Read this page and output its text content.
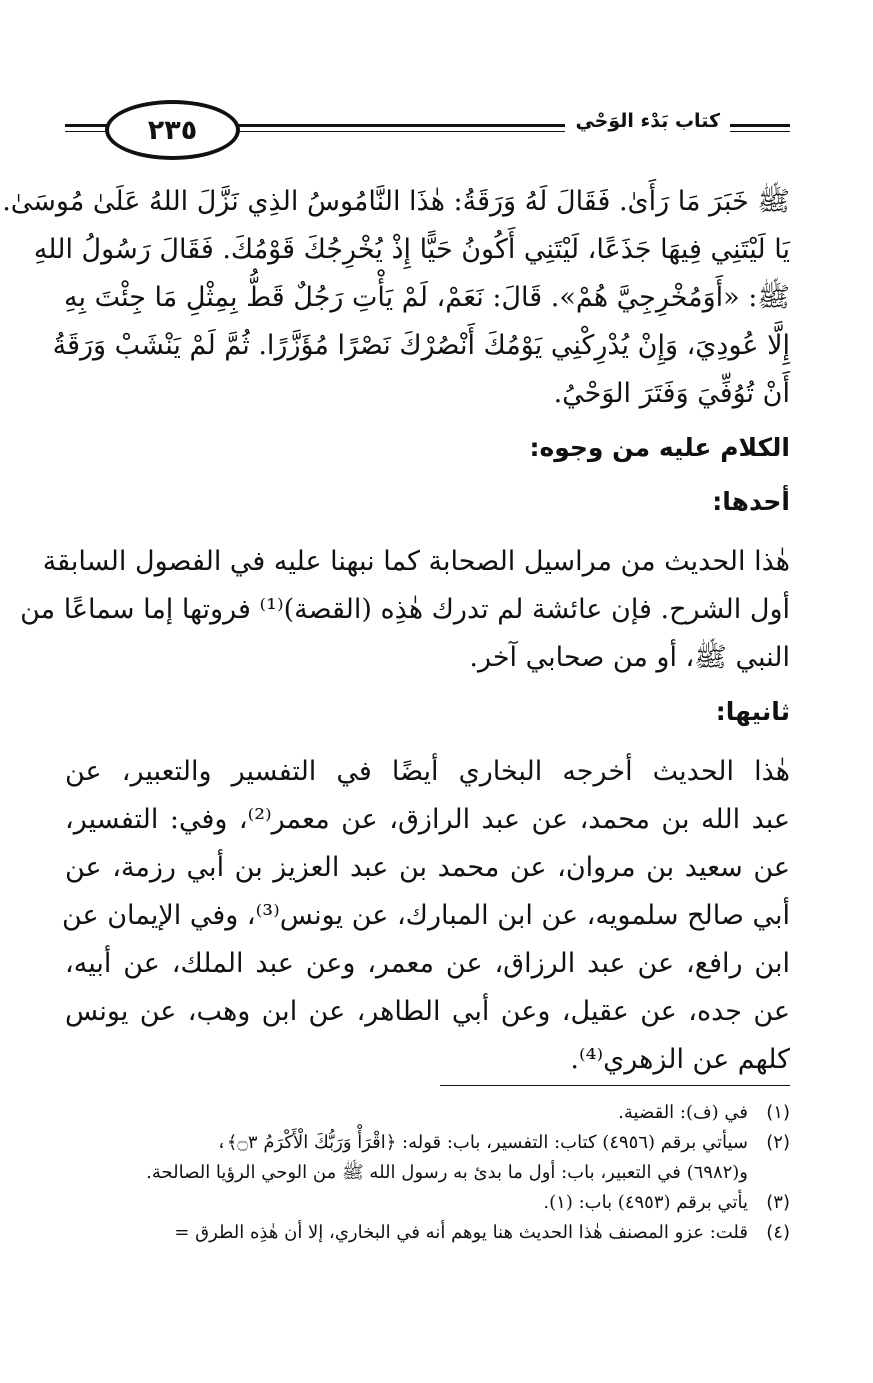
٢٣٥	كتاب بَدْء الوَحْي
ﷺ خَبَرَ مَا رَأَىٰ. فَقَالَ لَهُ وَرَقَةُ: هٰذَا النَّامُوسُ الذِي نَزَّلَ اللهُ عَلَىٰ مُوسَىٰ.
يَا لَيْتَنِي فِيهَا جَذَعًا، لَيْتَنِي أَكُونُ حَيًّا إِذْ يُخْرِجُكَ قَوْمُكَ. فَقَالَ رَسُولُ اللهِ
ﷺ: «أَوَمُخْرِجِيَّ هُمْ». قَالَ: نَعَمْ، لَمْ يَأْتِ رَجُلٌ قَطُّ بِمِثْلِ مَا جِئْتَ بِهِ
إِلَّا عُودِيَ، وَإِنْ يُدْرِكْنِي يَوْمُكَ أَنْصُرْكَ نَصْرًا مُؤَزَّرًا. ثُمَّ لَمْ يَنْشَبْ وَرَقَةُ
أَنْ تُوُفِّيَ وَفَتَرَ الوَحْيُ.
الكلام عليه من وجوه:
أحدها:
هٰذا الحديث من مراسيل الصحابة كما نبهنا عليه في الفصول السابقة
أول الشرح. فإن عائشة لم تدرك هٰذِه (القصة)⁽¹⁾ فروتها إما سماعًا من
النبي ﷺ، أو من صحابي آخر.
ثانيها:
هٰذا الحديث أخرجه البخاري أيضًا في التفسير والتعبير، عن
عبد الله بن محمد، عن عبد الرازق، عن معمر⁽²⁾، وفي: التفسير،
عن سعيد بن مروان، عن محمد بن عبد العزيز بن أبي رزمة، عن
أبي صالح سلمويه، عن ابن المبارك، عن يونس⁽³⁾، وفي الإيمان عن
ابن رافع، عن عبد الرزاق، عن معمر، وعن عبد الملك، عن أبيه،
عن جده، عن عقيل، وعن أبي الطاهر، عن ابن وهب، عن يونس
كلهم عن الزهري⁽⁴⁾.
(١)
في (ف): القضية.
(٢)
سيأتي برقم (٤٩٥٦) كتاب: التفسير، باب: قوله: ﴿اقْرَأْ وَرَبُّكَ الْأَكْرَمُ ۝٣﴾،
و(٦٩٨٢) في التعبير، باب: أول ما بدئ به رسول الله ﷺ من الوحي الرؤيا الصالحة.
(٣)
يأتي برقم (٤٩٥٣) باب: (١).
(٤)
قلت: عزو المصنف هٰذا الحديث هنا يوهم أنه في البخاري، إلا أن هٰذِه الطرق =
